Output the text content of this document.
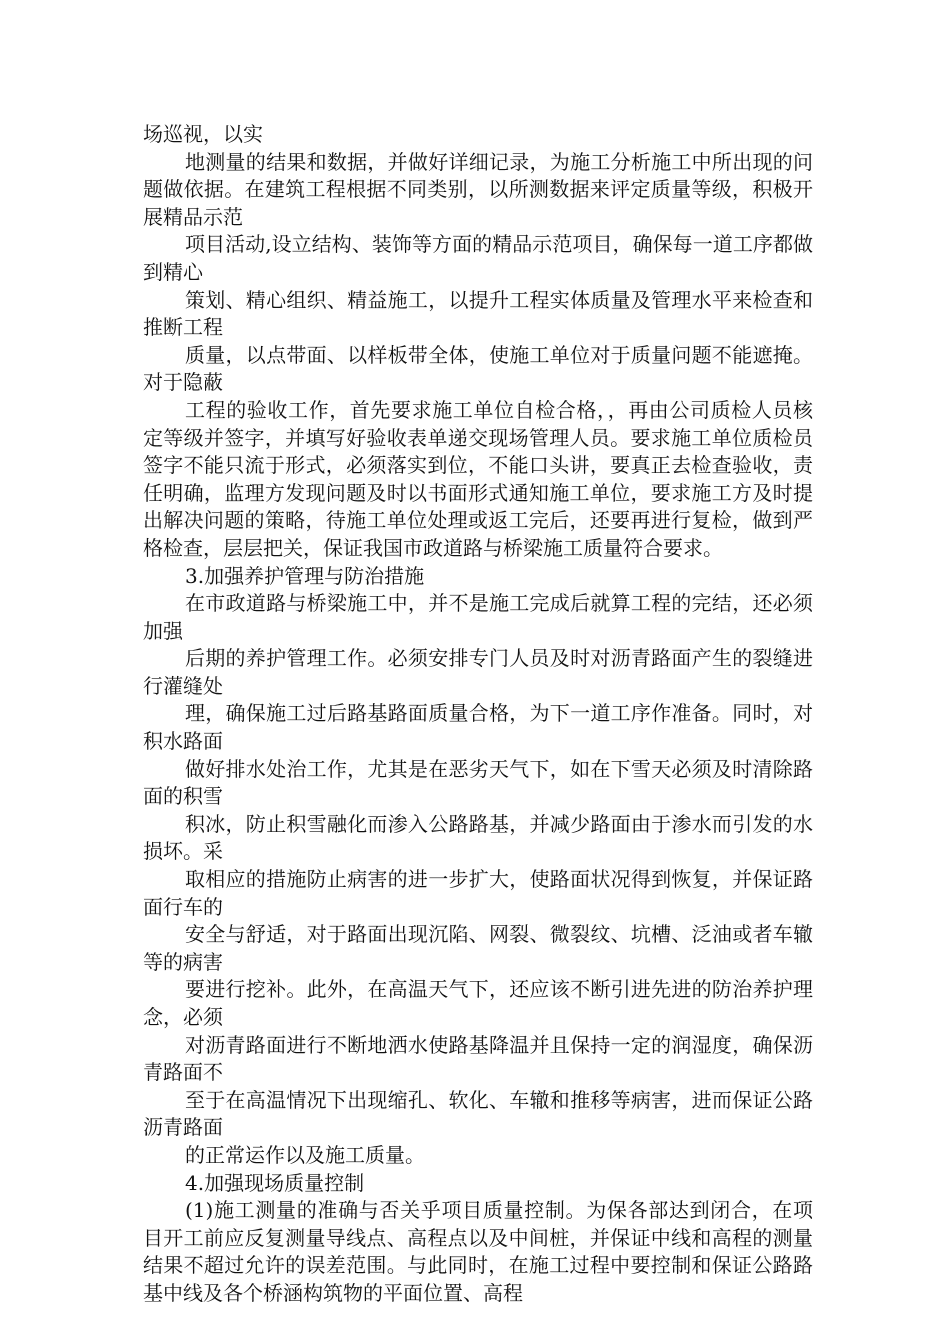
场巡视，以实

地测量的结果和数据，并做好详细记录，为施工分析施工中所出现的问题做依据。在建筑工程根据不同类别，以所测数据来评定质量等级，积极开展精品示范

项目活动,设立结构、装饰等方面的精品示范项目，确保每一道工序都做到精心

策划、精心组织、精益施工，以提升工程实体质量及管理水平来检查和推断工程

质量，以点带面、以样板带全体，使施工单位对于质量问题不能遮掩。对于隐蔽

工程的验收工作，首先要求施工单位自检合格，，再由公司质检人员核定等级并签字，并填写好验收表单递交现场管理人员。要求施工单位质检员签字不能只流于形式，必须落实到位，不能口头讲，要真正去检查验收，责任明确，监理方发现问题及时以书面形式通知施工单位，要求施工方及时提出解决问题的策略，待施工单位处理或返工完后，还要再进行复检，做到严格检查，层层把关，保证我国市政道路与桥梁施工质量符合要求。

3.加强养护管理与防治措施

在市政道路与桥梁施工中，并不是施工完成后就算工程的完结，还必须加强

后期的养护管理工作。必须安排专门人员及时对沥青路面产生的裂缝进行灌缝处

理，确保施工过后路基路面质量合格，为下一道工序作准备。同时，对积水路面

做好排水处治工作，尤其是在恶劣天气下，如在下雪天必须及时清除路面的积雪

积冰，防止积雪融化而渗入公路路基，并减少路面由于渗水而引发的水损坏。采

取相应的措施防止病害的进一步扩大，使路面状况得到恢复，并保证路面行车的

安全与舒适，对于路面出现沉陷、网裂、微裂纹、坑槽、泛油或者车辙等的病害

要进行挖补。此外，在高温天气下，还应该不断引进先进的防治养护理念，必须

对沥青路面进行不断地洒水使路基降温并且保持一定的润湿度，确保沥青路面不

至于在高温情况下出现缩孔、软化、车辙和推移等病害，进而保证公路沥青路面

的正常运作以及施工质量。

4.加强现场质量控制

(1)施工测量的准确与否关乎项目质量控制。为保各部达到闭合，在项目开工前应反复测量导线点、高程点以及中间桩，并保证中线和高程的测量结果不超过允许的误差范围。与此同时，在施工过程中要控制和保证公路路基中线及各个桥涵构筑物的平面位置、高程
